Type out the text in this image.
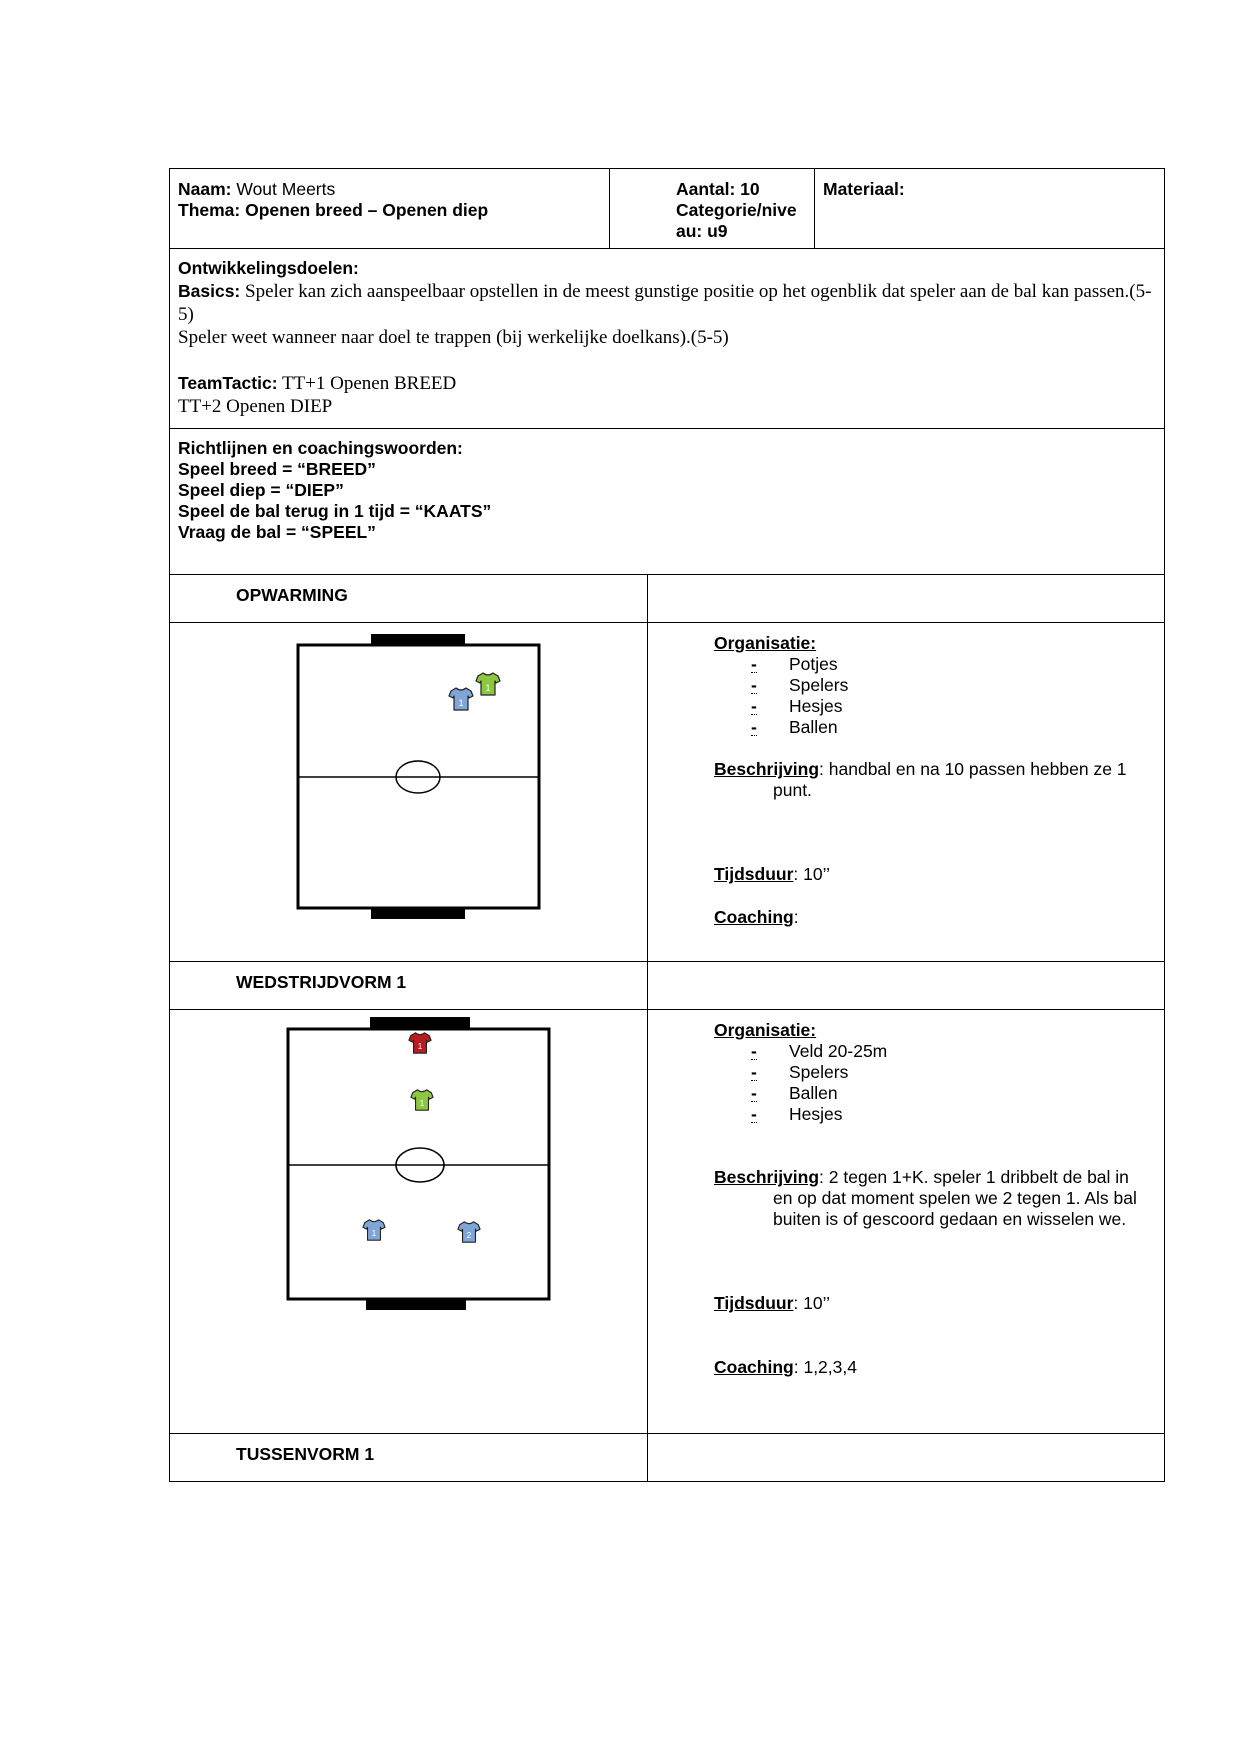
Naam: Wout Meerts
Thema: Openen breed – Openen diep
Aantal: 10
Categorie/nive
au: u9
Materiaal:
Ontwikkelingsdoelen:
Basics: Speler kan zich aanspeelbaar opstellen in de meest gunstige positie op het ogenblik dat speler aan de bal kan passen.(5-5)
Speler weet wanneer naar doel te trappen (bij werkelijke doelkans).(5-5)
TeamTactic: TT+1 Openen BREED
TT+2 Openen DIEP
Richtlijnen en coachingswoorden:
Speel breed = “BREED”
Speel diep = “DIEP”
Speel de bal terug in 1 tijd = “KAATS”
Vraag de bal = “SPEEL”
OPWARMING
1
1
Organisatie:
- Potjes
- Spelers
- Hesjes
- Ballen
Beschrijving: handbal en na 10 passen hebben ze 1
punt.
Tijdsduur: 10’’
Coaching:
WEDSTRIJDVORM 1
1
1
1	2
Organisatie:
- Veld 20-25m
- Spelers
- Ballen
- Hesjes
Beschrijving: 2 tegen 1+K. speler 1 dribbelt de bal in
en op dat moment spelen we 2 tegen 1. Als bal
buiten is of gescoord gedaan en wisselen we.
Tijdsduur: 10’’
Coaching: 1,2,3,4
TUSSENVORM 1
